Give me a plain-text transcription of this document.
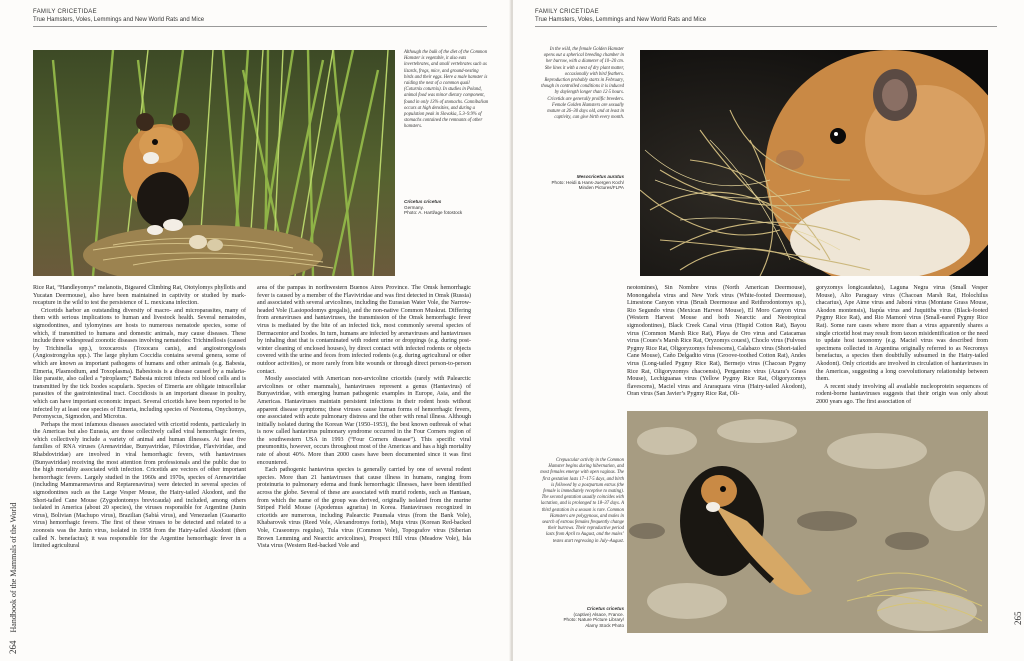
FAMILY CRICETIDAE
True Hamsters, Voles, Lemmings and New World Rats and Mice
Although the bulk of the diet of the Common Hamster is vegetable, it also eats invertebrates, and small vertebrates such as lizards, frogs, mice, and ground-nesting birds and their eggs. Here a male hamster is raiding the nest of a common quail (Coturnix coturnix). In studies in Poland, animal food was minor dietary component, found in only 13% of stomachs. Cannibalism occurs at high densities, and during a population peak in Slovakia, 5.3–9.9% of stomachs contained the remnants of other hamsters.
Cricetus cricetus
Germany.
Photo: A. Hartl/age fotostock

Rice Rat, “Handleyomys” melanotis, Bigeared Climbing Rat, Ototylomys phyllotis and Yucatan Deermouse), also have been maintained in captivity or studied by mark-recapture in the wild to test the persistence of L. mexicana infection.

Cricetids harbor an outstanding diversity of macro- and microparasites, many of them with serious implications to human and livestock health. Several nematodes, sigmodontines, and tylomyines are hosts to numerous nematode species, some of which, if transmitted to humans and domestic animals, may cause diseases. These include three widespread zoonotic diseases involving nematodes: Trichinellosis (caused by Trichinella spp.), toxocarosis (Toxocara canis), and angiostrongylosis (Angiostrongylus spp.). The large phylum Coccidia contains several genera, some of which are known as important pathogens of humans and other animals (e.g. Babesia, Eimeria, Plasmodium, and Toxoplasma). Babesiosis is a disease caused by a malaria-like parasite, also called a “piroplasm;” Babesia microti infects red blood cells and is transmitted by the tick Ixodes scapularis. Species of Eimeria are obligate intracellular parasites of the gastrointestinal tract. Coccidiosis is an important disease in poultry, which can have important economic impact. Several cricetids have been reported to be infected by at least one species of Eimeria, including species of Neotoma, Onychomys, Peromyscus, Sigmodon, and Microtus.

Perhaps the most infamous diseases associated with cricetid rodents, particularly in the Americas but also Eurasia, are those collectively called viral hemorrhagic fevers, which collectively include a variety of animal and human illnesses. At least five families of RNA viruses (Arenaviridae, Bunyaviridae, Filoviridae, Flaviviridae, and Rhabdoviridae) are involved in viral hemorrhagic fevers, with hantaviruses (Bunyaviridae) receiving the most attention from professionals and the public due to the high mortality associated with infection. Cricetids are vectors of other important hemorrhagic fevers. Largely studied in the 1960s and 1970s, species of Arenaviridae (including Mammarenavirus and Reptarenavirus) were detected in several species of sigmodontines such as the Large Vesper Mouse, the Hairy-tailed Akodont, and the Short-tailed Cane Mouse (Zygodontomys brevicauda) and included, among others isolated in America (about 20 species), the viruses responsible for Argentine (Junin virus), Bolivian (Machupo virus), Brazilian (Sabiá virus), and Venezuelan (Guanarito virus) hemorrhagic fevers. The first of these viruses to be detected and related to a zoonosis was the Junin virus, isolated in 1958 from the Hairy-tailed Akodont (then called N. benefactus); it was responsible for the Argentine hemorrhagic fever in a limited agricultural

area of the pampas in northwestern Buenos Aires Province. The Omsk hemorrhagic fever is caused by a member of the Flaviviridae and was first detected in Omsk (Russia) and associated with several arvicolines, including the Eurasian Water Vole, the Narrow-headed Vole (Lasiopodomys gregalis), and the non-native Common Muskrat. Differing from arenaviruses and hantaviruses, the transmission of the Omsk hemorrhagic fever virus is mediated by the bite of an infected tick, most commonly several species of Dermacentor and Ixodes. In turn, humans are infected by arenaviruses and hantaviruses by inhaling dust that is contaminated with rodent urine or droppings (e.g. during post-winter cleaning of enclosed houses), by direct contact with infected rodents or objects covered with the urine and feces from infected rodents (e.g. during agricultural or other outdoor activities), or more rarely from bite wounds or through direct person-to-person contact.

Mostly associated with American non-arvicoline cricetids (rarely with Palearctic arvicolines or other mammals), hantaviruses represent a genus (Hantavirus) of Bunyaviridae, with emerging human pathogenic examples in Europe, Asia, and the Americas. Hantaviruses maintain persistent infections in their rodent hosts without apparent disease symptoms; these viruses cause human forms of hemorrhagic fevers, one associated with acute pulmonary distress and the other with renal illness. Although initially isolated during the Korean War (1950–1953), the best known outbreak of what is now called hantavirus pulmonary syndrome occurred in the Four Corners region of the southwestern USA in 1993 (“Four Corners disease”). This specific viral pneumonitis, however, occurs throughout most of the Americas and has a high mortality rate of about 40%. More than 2000 cases have been documented since it was first encountered.

Each pathogenic hantavirus species is generally carried by one of several rodent species. More than 21 hantaviruses that cause illness in humans, ranging from proteinuria to pulmonary edema and frank hemorrhagic illnesses, have been identified across the globe. Several of these are associated with murid rodents, such as Hantaan, from which the name of the group was derived, originally isolated from the murine Striped Field Mouse (Apodemus agrarius) in Korea. Hantaviruses recognized in cricetids are numerous, including Palearctic Puumala virus (from the Bank Vole), Khabarovsk virus (Reed Vole, Alexandromys fortis), Muju virus (Korean Red-backed Vole, Craseomys regulus), Tula virus (Common Vole), Topografov virus (Siberian Brown Lemming and Nearctic arvicolines), Prospect Hill virus (Meadow Vole), Isla Vista virus (Western Red-backed Vole and

264 Handbook of the Mammals of the World
FAMILY CRICETIDAE
True Hamsters, Voles, Lemmings and New World Rats and Mice
In the wild, the female Golden Hamster opens out a spherical breeding chamber in her burrow, with a diameter of 10–20 cm. She lines it with a nest of dry plant matter, occasionally with bird feathers. Reproduction probably starts in February, though in controlled conditions it is induced by daylength longer than 12·5 hours. Cricetids are generally prolific breeders. Female Golden Hamsters are sexually mature at 26–30 days old, and at least in captivity, can give birth every month.
Mesocricetus auratus
Photo: Heidi & Hans-Juergen Koch/
Minden Pictures/FLPA

neotomines), Sin Nombre virus (North American Deermouse), Monongahela virus and New York virus (White-footed Deermouse), Limestone Canyon virus (Brush Deermouse and Reithrodontomys sp.), Rio Segundo virus (Mexican Harvest Mouse), El Moro Canyon virus (Western Harvest Mouse and both Nearctic and Neotropical sigmodontines), Black Creek Canal virus (Hispid Cotton Rat), Bayou virus (Common Marsh Rice Rat), Playa de Oro virus and Catacamas virus (Coues’s Marsh Rice Rat, Oryzomys couesi), Choclo virus (Fulvous Pygmy Rice Rat, Oligoryzomys fulvescens), Calabazo virus (Short-tailed Cane Mouse), Caño Delgadito virus (Groove-toothed Cotton Rat), Andes virus (Long-tailed Pygmy Rice Rat), Bermejo virus (Chacoan Pygmy Rice Rat, Oligoryzomys chacoensis), Pergamino virus (Azara’s Grass Mouse), Lechiguanas virus (Yellow Pygmy Rice Rat, Oligoryzomys flavescens), Maciel virus and Araraquara virus (Hairy-tailed Akodont), Oran virus (San Javier’s Pygmy Rice Rat, Oli-

goryzomys longicaudatus), Laguna Negra virus (Small Vesper Mouse), Alto Paraguay virus (Chacoan Marsh Rat, Holochilus chacarius), Ape Aime virus and Jaborá virus (Montane Grass Mouse, Akodon montensis), Itapúa virus and Juquitiba virus (Black-footed Pygmy Rice Rat), and Rio Mamoré virus (Small-eared Pygmy Rice Rat). Some rare cases where more than a virus apparently shares a single cricetid host may result from taxon misidentification or the need to update host taxonomy (e.g. Maciel virus was described from specimens collected in Argentina originally referred to as Necromys benefactus, a species then doubtfully subsumed in the Hairy-tailed Akodont). Only cricetids are involved in circulation of hantaviruses in the Americas, suggesting a long coevolutionary relationship between them.

A recent study involving all available nucleoprotein sequences of rodent-borne hantaviruses suggests that their origin was only about 2000 years ago. The first association of

Crepuscular activity in the Common Hamster begins during hibernation, and most females emerge with open vaginas. The first gestation lasts 17–17·5 days, and birth is followed by a postpartum estrus (the female is immediately receptive to mating). The second gestation usually coincides with lactation, and is prolonged to 18–37 days. A third gestation in a season is rare. Common Hamsters are polygynous, and males in search of estrous females frequently change their burrows. Their reproductive period lasts from April to August, and the males’ testes start regressing in July–August.
Cricetus cricetus
(captive) Alsace, France.
Photo: Nature Picture Library/
Alamy Stock Photo
265
